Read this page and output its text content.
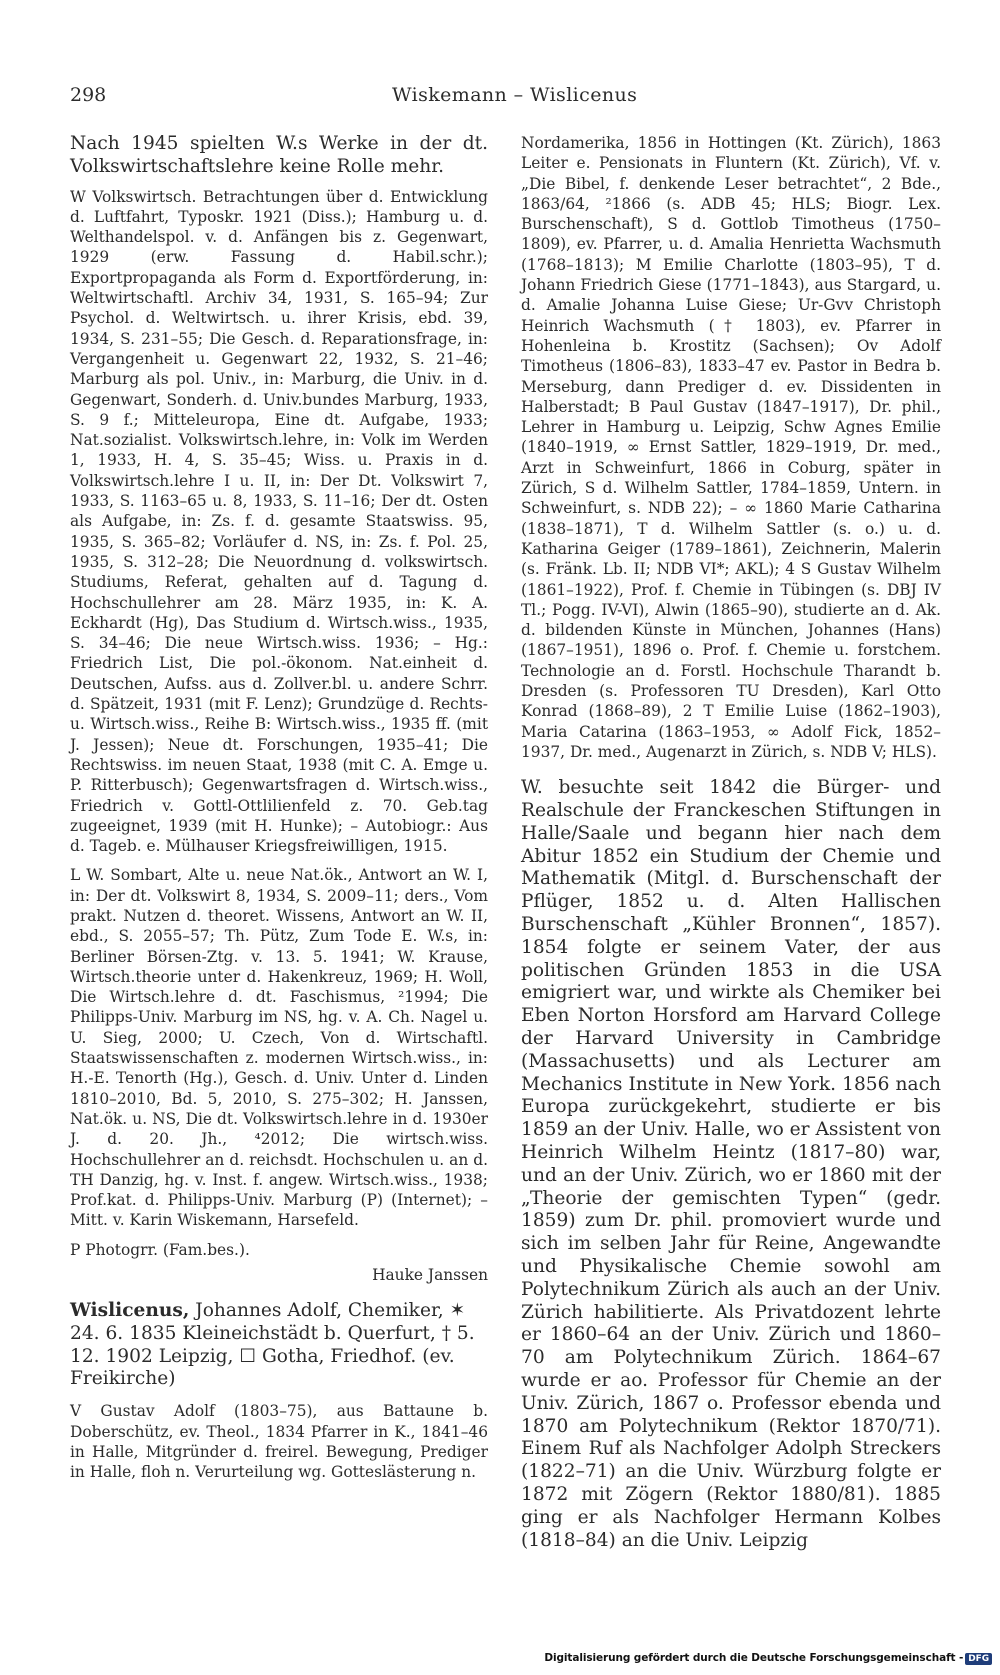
298	Wiskemann – Wislicenus

Nach 1945 spielten W.s Werke in der dt. Volkswirtschaftslehre keine Rolle mehr.

W Volkswirtsch. Betrachtungen über d. Entwicklung d. Luftfahrt, Typoskr. 1921 (Diss.); Hamburg u. d. Welthandelspol. v. d. Anfängen bis z. Gegenwart, 1929 (erw. Fassung d. Habil.schr.); Exportpropaganda als Form d. Exportförderung, in: Weltwirtschaftl. Archiv 34, 1931, S. 165–94; Zur Psychol. d. Weltwirtsch. u. ihrer Krisis, ebd. 39, 1934, S. 231–55; Die Gesch. d. Reparationsfrage, in: Vergangenheit u. Gegenwart 22, 1932, S. 21–46; Marburg als pol. Univ., in: Marburg, die Univ. in d. Gegenwart, Sonderh. d. Univ.bundes Marburg, 1933, S. 9 f.; Mitteleuropa, Eine dt. Aufgabe, 1933; Nat.sozialist. Volkswirtsch.lehre, in: Volk im Werden 1, 1933, H. 4, S. 35–45; Wiss. u. Praxis in d. Volkswirtsch.lehre I u. II, in: Der Dt. Volkswirt 7, 1933, S. 1163–65 u. 8, 1933, S. 11–16; Der dt. Osten als Aufgabe, in: Zs. f. d. gesamte Staatswiss. 95, 1935, S. 365–82; Vorläufer d. NS, in: Zs. f. Pol. 25, 1935, S. 312–28; Die Neuordnung d. volkswirtsch. Studiums, Referat, gehalten auf d. Tagung d. Hochschullehrer am 28. März 1935, in: K. A. Eckhardt (Hg), Das Studium d. Wirtsch.wiss., 1935, S. 34–46; Die neue Wirtsch.wiss. 1936; – Hg.: Friedrich List, Die pol.-ökonom. Nat.einheit d. Deutschen, Aufss. aus d. Zollver.bl. u. andere Schrr. d. Spätzeit, 1931 (mit F. Lenz); Grundzüge d. Rechts- u. Wirtsch.wiss., Reihe B: Wirtsch.wiss., 1935 ff. (mit J. Jessen); Neue dt. Forschungen, 1935–41; Die Rechtswiss. im neuen Staat, 1938 (mit C. A. Emge u. P. Ritterbusch); Gegenwartsfragen d. Wirtsch.wiss., Friedrich v. Gottl-Ottlilienfeld z. 70. Geb.tag zugeeignet, 1939 (mit H. Hunke); – Autobiogr.: Aus d. Tageb. e. Mülhauser Kriegsfreiwilligen, 1915.

L W. Sombart, Alte u. neue Nat.ök., Antwort an W. I, in: Der dt. Volkswirt 8, 1934, S. 2009–11; ders., Vom prakt. Nutzen d. theoret. Wissens, Antwort an W. II, ebd., S. 2055–57; Th. Pütz, Zum Tode E. W.s, in: Berliner Börsen-Ztg. v. 13. 5. 1941; W. Krause, Wirtsch.theorie unter d. Hakenkreuz, 1969; H. Woll, Die Wirtsch.lehre d. dt. Faschismus, ²1994; Die Philipps-Univ. Marburg im NS, hg. v. A. Ch. Nagel u. U. Sieg, 2000; U. Czech, Von d. Wirtschaftl. Staatswissenschaften z. modernen Wirtsch.wiss., in: H.-E. Tenorth (Hg.), Gesch. d. Univ. Unter d. Linden 1810–2010, Bd. 5, 2010, S. 275–302; H. Janssen, Nat.ök. u. NS, Die dt. Volkswirtsch.lehre in d. 1930er J. d. 20. Jh., ⁴2012; Die wirtsch.wiss. Hochschullehrer an d. reichsdt. Hochschulen u. an d. TH Danzig, hg. v. Inst. f. angew. Wirtsch.wiss., 1938; Prof.kat. d. Philipps-Univ. Marburg (P) (Internet); – Mitt. v. Karin Wiskemann, Harsefeld.

P Photogrr. (Fam.bes.).

Hauke Janssen

Wislicenus, Johannes Adolf, Chemiker, ✶ 24. 6. 1835 Kleineichstädt b. Querfurt, † 5. 12. 1902 Leipzig, ☐ Gotha, Friedhof. (ev. Freikirche)

V Gustav Adolf (1803–75), aus Battaune b. Doberschütz, ev. Theol., 1834 Pfarrer in K., 1841–46 in Halle, Mitgründer d. freirel. Bewegung, Prediger in Halle, floh n. Verurteilung wg. Gotteslästerung n.

Nordamerika, 1856 in Hottingen (Kt. Zürich), 1863 Leiter e. Pensionats in Fluntern (Kt. Zürich), Vf. v. „Die Bibel, f. denkende Leser betrachtet“, 2 Bde., 1863/64, ²1866 (s. ADB 45; HLS; Biogr. Lex. Burschenschaft), S d. Gottlob Timotheus (1750–1809), ev. Pfarrer, u. d. Amalia Henrietta Wachsmuth (1768–1813); M Emilie Charlotte (1803–95), T d. Johann Friedrich Giese (1771–1843), aus Stargard, u. d. Amalie Johanna Luise Giese; Ur-Gvv Christoph Heinrich Wachsmuth († 1803), ev. Pfarrer in Hohenleina b. Krostitz (Sachsen); Ov Adolf Timotheus (1806–83), 1833–47 ev. Pastor in Bedra b. Merseburg, dann Prediger d. ev. Dissidenten in Halberstadt; B Paul Gustav (1847–1917), Dr. phil., Lehrer in Hamburg u. Leipzig, Schw Agnes Emilie (1840–1919, ∞ Ernst Sattler, 1829–1919, Dr. med., Arzt in Schweinfurt, 1866 in Coburg, später in Zürich, S d. Wilhelm Sattler, 1784–1859, Untern. in Schweinfurt, s. NDB 22); – ∞ 1860 Marie Catharina (1838–1871), T d. Wilhelm Sattler (s. o.) u. d. Katharina Geiger (1789–1861), Zeichnerin, Malerin (s. Fränk. Lb. II; NDB VI*; AKL); 4 S Gustav Wilhelm (1861–1922), Prof. f. Chemie in Tübingen (s. DBJ IV Tl.; Pogg. IV-VI), Alwin (1865–90), studierte an d. Ak. d. bildenden Künste in München, Johannes (Hans) (1867–1951), 1896 o. Prof. f. Chemie u. forstchem. Technologie an d. Forstl. Hochschule Tharandt b. Dresden (s. Professoren TU Dresden), Karl Otto Konrad (1868–89), 2 T Emilie Luise (1862–1903), Maria Catarina (1863–1953, ∞ Adolf Fick, 1852–1937, Dr. med., Augenarzt in Zürich, s. NDB V; HLS).

W. besuchte seit 1842 die Bürger- und Realschule der Franckeschen Stiftungen in Halle/Saale und begann hier nach dem Abitur 1852 ein Studium der Chemie und Mathematik (Mitgl. d. Burschenschaft der Pflüger, 1852 u. d. Alten Hallischen Burschenschaft „Kühler Bronnen“, 1857). 1854 folgte er seinem Vater, der aus politischen Gründen 1853 in die USA emigriert war, und wirkte als Chemiker bei Eben Norton Horsford am Harvard College der Harvard University in Cambridge (Massachusetts) und als Lecturer am Mechanics Institute in New York. 1856 nach Europa zurückgekehrt, studierte er bis 1859 an der Univ. Halle, wo er Assistent von Heinrich Wilhelm Heintz (1817–80) war, und an der Univ. Zürich, wo er 1860 mit der „Theorie der gemischten Typen“ (gedr. 1859) zum Dr. phil. promoviert wurde und sich im selben Jahr für Reine, Angewandte und Physikalische Chemie sowohl am Polytechnikum Zürich als auch an der Univ. Zürich habilitierte. Als Privatdozent lehrte er 1860–64 an der Univ. Zürich und 1860–70 am Polytechnikum Zürich. 1864–67 wurde er ao. Professor für Chemie an der Univ. Zürich, 1867 o. Professor ebenda und 1870 am Polytechnikum (Rektor 1870/71). Einem Ruf als Nachfolger Adolph Streckers (1822–71) an die Univ. Würzburg folgte er 1872 mit Zögern (Rektor 1880/81). 1885 ging er als Nachfolger Hermann Kolbes (1818–84) an die Univ. Leipzig

Digitalisierung gefördert durch die Deutsche Forschungsgemeinschaft - DFG
